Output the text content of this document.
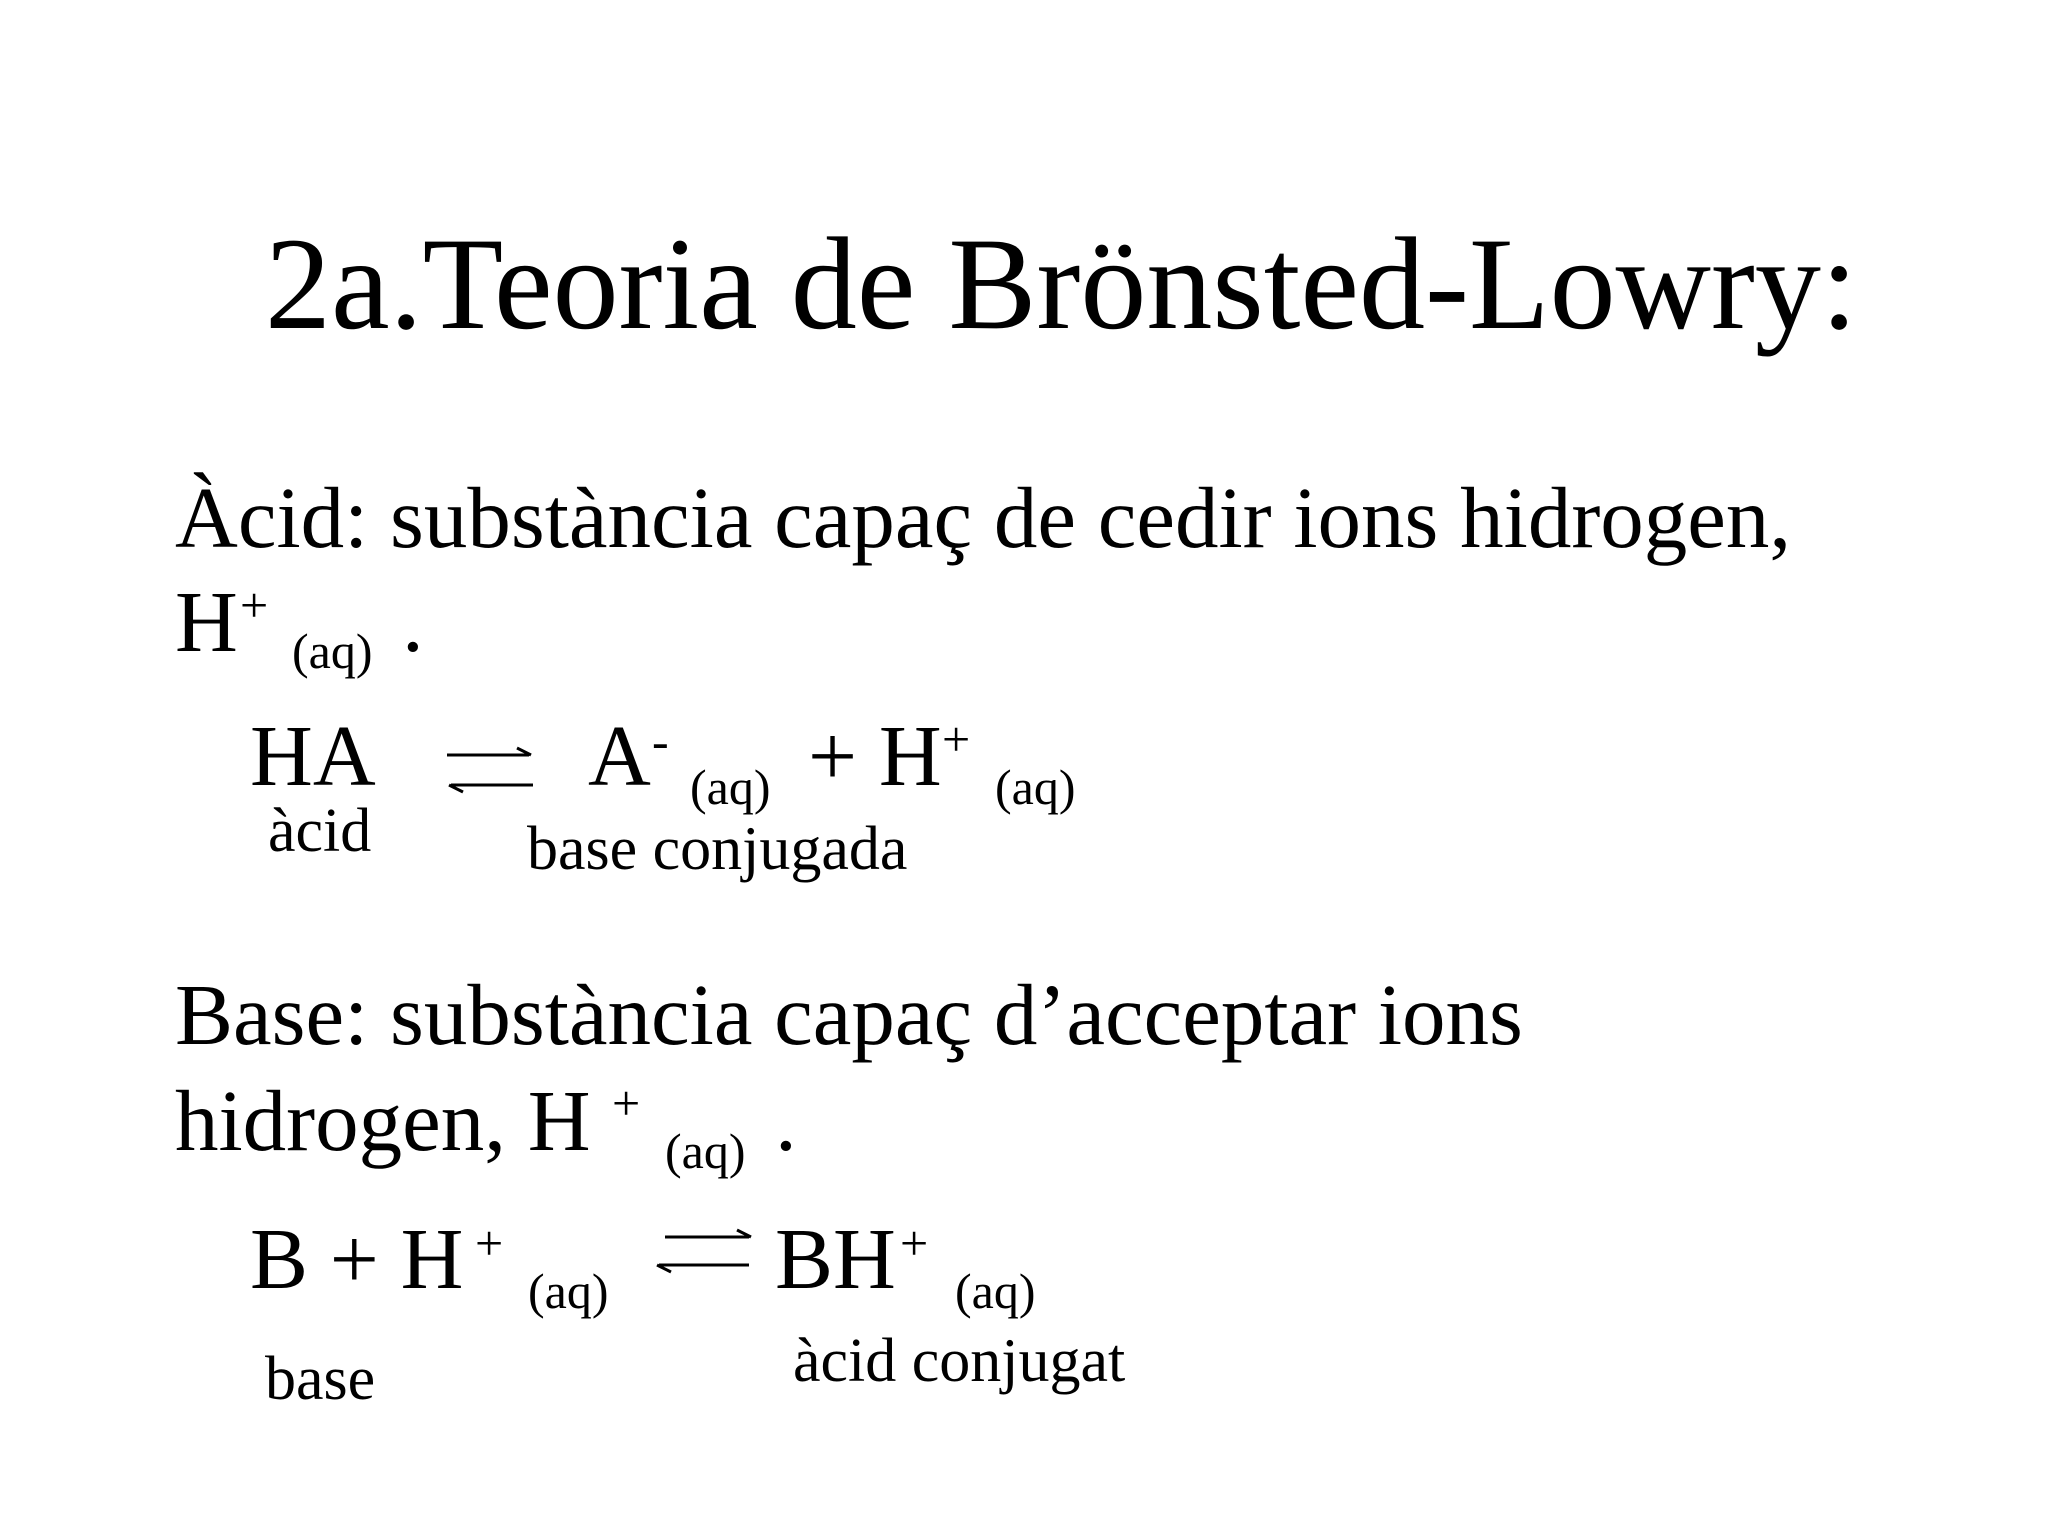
2a.Teoria de Brönsted-Lowry:
Àcid: substància capaç de cedir ions hidrogen,
H +
(aq) .
HA A -
(aq) + H +
(aq)
àcid	base conjugada
Base: substància capaç d’acceptar ions
hidrogen, H +
(aq) .
B + H +
(aq) BH +
(aq)
base	àcid conjugat
